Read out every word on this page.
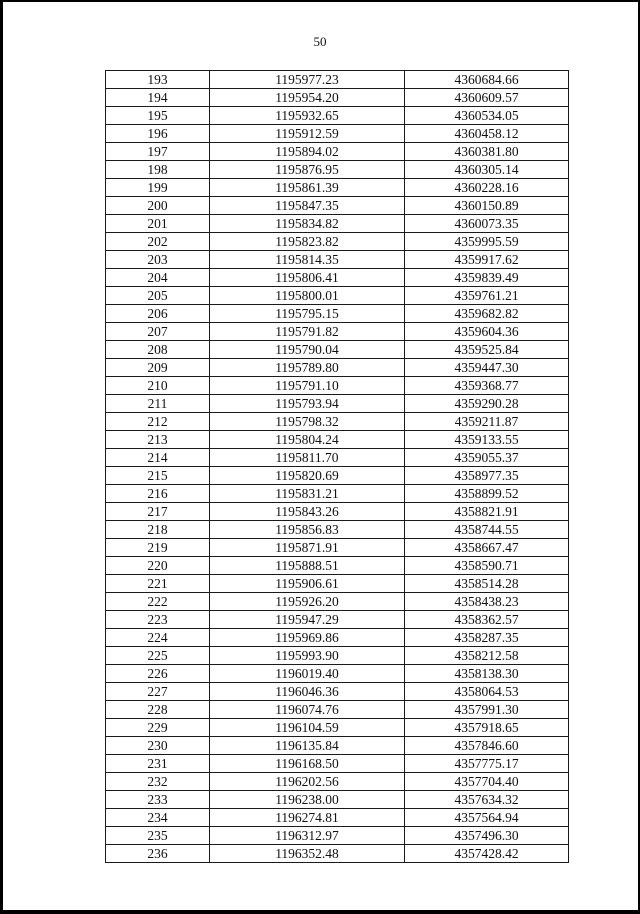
50
193	1195977.23	4360684.66
194	1195954.20	4360609.57
195	1195932.65	4360534.05
196	1195912.59	4360458.12
197	1195894.02	4360381.80
198	1195876.95	4360305.14
199	1195861.39	4360228.16
200	1195847.35	4360150.89
201	1195834.82	4360073.35
202	1195823.82	4359995.59
203	1195814.35	4359917.62
204	1195806.41	4359839.49
205	1195800.01	4359761.21
206	1195795.15	4359682.82
207	1195791.82	4359604.36
208	1195790.04	4359525.84
209	1195789.80	4359447.30
210	1195791.10	4359368.77
211	1195793.94	4359290.28
212	1195798.32	4359211.87
213	1195804.24	4359133.55
214	1195811.70	4359055.37
215	1195820.69	4358977.35
216	1195831.21	4358899.52
217	1195843.26	4358821.91
218	1195856.83	4358744.55
219	1195871.91	4358667.47
220	1195888.51	4358590.71
221	1195906.61	4358514.28
222	1195926.20	4358438.23
223	1195947.29	4358362.57
224	1195969.86	4358287.35
225	1195993.90	4358212.58
226	1196019.40	4358138.30
227	1196046.36	4358064.53
228	1196074.76	4357991.30
229	1196104.59	4357918.65
230	1196135.84	4357846.60
231	1196168.50	4357775.17
232	1196202.56	4357704.40
233	1196238.00	4357634.32
234	1196274.81	4357564.94
235	1196312.97	4357496.30
236	1196352.48	4357428.42
